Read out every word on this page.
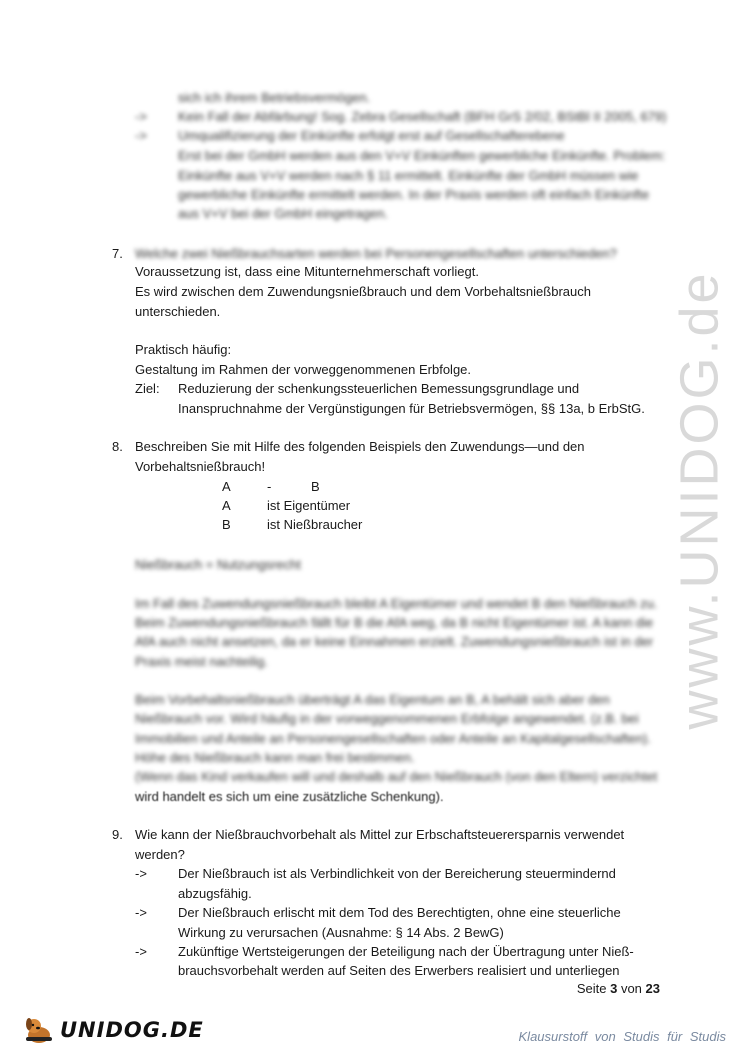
www.UNIDOG.de
sich ich ihrem Betriebsvermögen.
-> Kein Fall der Abfärbung! Sog. Zebra Gesellschaft (BFH GrS 2/02, BStBl II 2005, 679)
-> Umqualifizierung der Einkünfte erfolgt erst auf Gesellschafterebene
Erst bei der GmbH werden aus den V+V Einkünften gewerbliche Einkünfte. Problem:
Einkünfte aus V+V werden nach § 11 ermittelt. Einkünfte der GmbH müssen wie
gewerbliche Einkünfte ermittelt werden. In der Praxis werden oft einfach Einkünfte
aus V+V bei der GmbH eingetragen.
7. Welche zwei Nießbrauchsarten werden bei Personengesellschaften unterschieden?
Voraussetzung ist, dass eine Mitunternehmerschaft vorliegt.
Es wird zwischen dem Zuwendungsnießbrauch und dem Vorbehaltsnießbrauch
unterschieden.
Praktisch häufig:
Gestaltung im Rahmen der vorweggenommenen Erbfolge.
Ziel: Reduzierung der schenkungssteuerlichen Bemessungsgrundlage und
Inanspruchnahme der Vergünstigungen für Betriebsvermögen, §§ 13a, b ErbStG.
8. Beschreiben Sie mit Hilfe des folgenden Beispiels den Zuwendungs—und den
Vorbehaltsnießbrauch!
A	-	B
A	ist Eigentümer
B	ist Nießbraucher
Nießbrauch = Nutzungsrecht
Im Fall des Zuwendungsnießbrauch bleibt A Eigentümer und wendet B den Nießbrauch zu.
Beim Zuwendungsnießbrauch fällt für B die AfA weg, da B nicht Eigentümer ist. A kann die
AfA auch nicht ansetzen, da er keine Einnahmen erzielt. Zuwendungsnießbrauch ist in der
Praxis meist nachteilig.
Beim Vorbehaltsnießbrauch überträgt A das Eigentum an B, A behält sich aber den
Nießbrauch vor. Wird häufig in der vorweggenommenen Erbfolge angewendet. (z.B. bei
Immobilien und Anteile an Personengesellschaften oder Anteile an Kapitalgesellschaften).
Höhe des Nießbrauch kann man frei bestimmen.
(Wenn das Kind verkaufen will und deshalb auf den Nießbrauch (von den Eltern) verzichtet
wird handelt es sich um eine zusätzliche Schenkung).
9. Wie kann der Nießbrauchvorbehalt als Mittel zur Erbschaftsteuerersparnis verwendet
werden?
-> Der Nießbrauch ist als Verbindlichkeit von der Bereicherung steuermindernd
abzugsfähig.
-> Der Nießbrauch erlischt mit dem Tod des Berechtigten, ohne eine steuerliche
Wirkung zu verursachen (Ausnahme: § 14 Abs. 2 BewG)
-> Zukünftige Wertsteigerungen der Beteiligung nach der Übertragung unter Nieß-
brauchsvorbehalt werden auf Seiten des Erwerbers realisiert und unterliegen
Seite 3 von 23
UNIDOG.DE	Klausurstoff von Studis für Studis
